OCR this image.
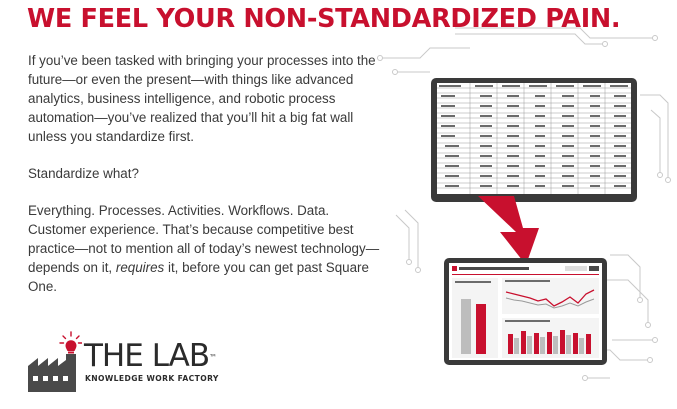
WE FEEL YOUR NON-STANDARDIZED PAIN.

If you’ve been tasked with bringing your processes into the future—or even the present—with things like advanced analytics, business intelligence, and robotic process automation—you’ve realized that you’ll hit a big fat wall unless you standardize first.

Standardize what?

Everything. Processes. Activities. Workflows. Data. Customer experience. That’s because competitive best practice—not to mention all of today’s newest technology—depends on it, requires it, before you can get past Square One.

THE LAB™
KNOWLEDGE WORK FACTORY
